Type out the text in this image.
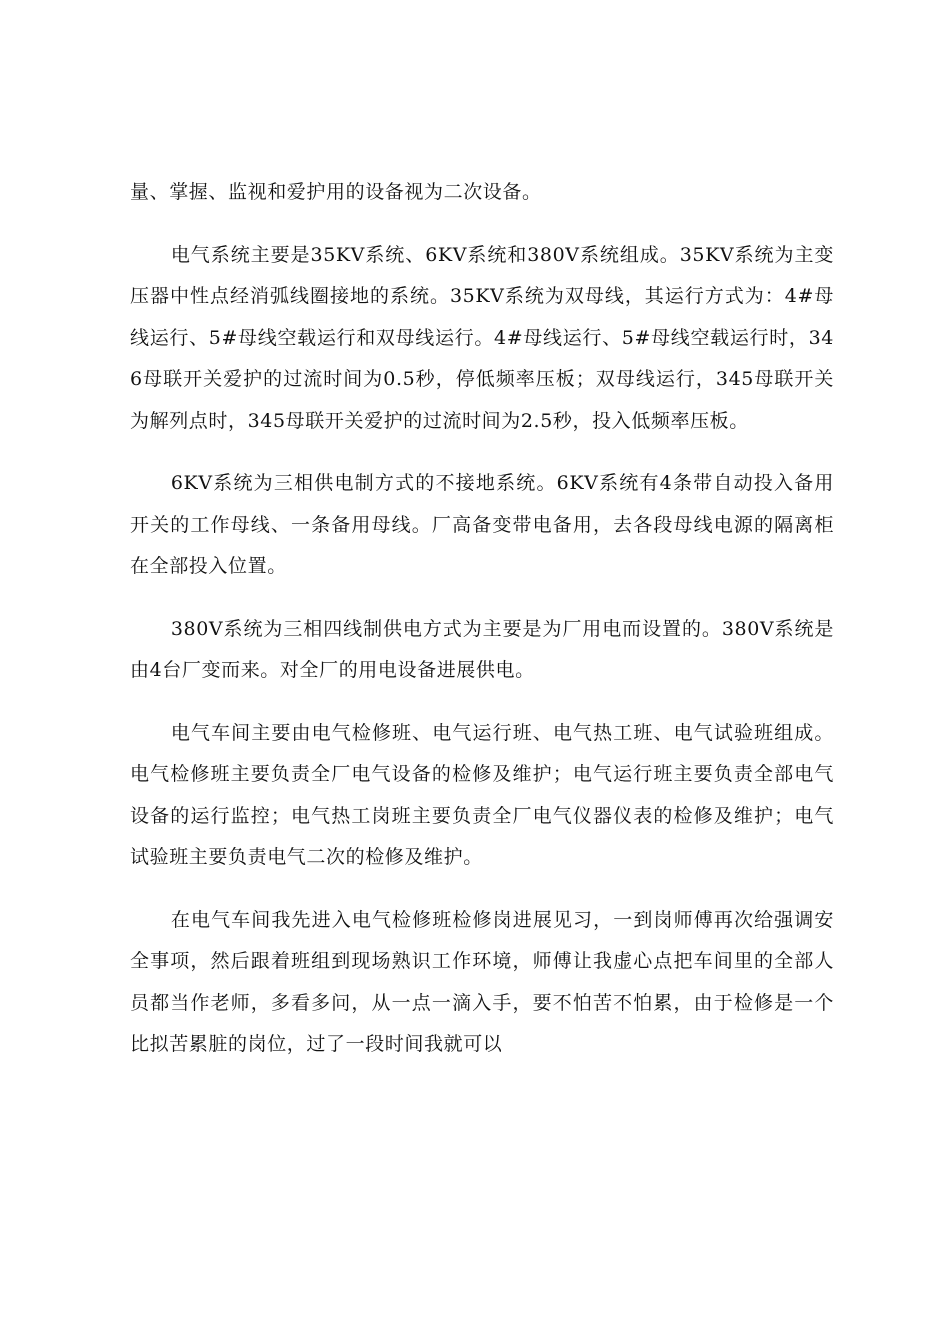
量、掌握、监视和爱护用的设备视为二次设备。

电气系统主要是35KV系统、6KV系统和380V系统组成。35KV系统为主变压器中性点经消弧线圈接地的系统。35KV系统为双母线，其运行方式为：4#母线运行、5#母线空载运行和双母线运行。4#母线运行、5#母线空载运行时，346母联开关爱护的过流时间为0.5秒，停低频率压板；双母线运行，345母联开关为解列点时，345母联开关爱护的过流时间为2.5秒，投入低频率压板。

6KV系统为三相供电制方式的不接地系统。6KV系统有4条带自动投入备用开关的工作母线、一条备用母线。厂高备变带电备用，去各段母线电源的隔离柜在全部投入位置。

380V系统为三相四线制供电方式为主要是为厂用电而设置的。380V系统是由4台厂变而来。对全厂的用电设备进展供电。

电气车间主要由电气检修班、电气运行班、电气热工班、电气试验班组成。电气检修班主要负责全厂电气设备的检修及维护；电气运行班主要负责全部电气设备的运行监控；电气热工岗班主要负责全厂电气仪器仪表的检修及维护；电气试验班主要负责电气二次的检修及维护。

在电气车间我先进入电气检修班检修岗进展见习，一到岗师傅再次给强调安全事项，然后跟着班组到现场熟识工作环境，师傅让我虚心点把车间里的全部人员都当作老师，多看多问，从一点一滴入手，要不怕苦不怕累，由于检修是一个比拟苦累脏的岗位，过了一段时间我就可以
